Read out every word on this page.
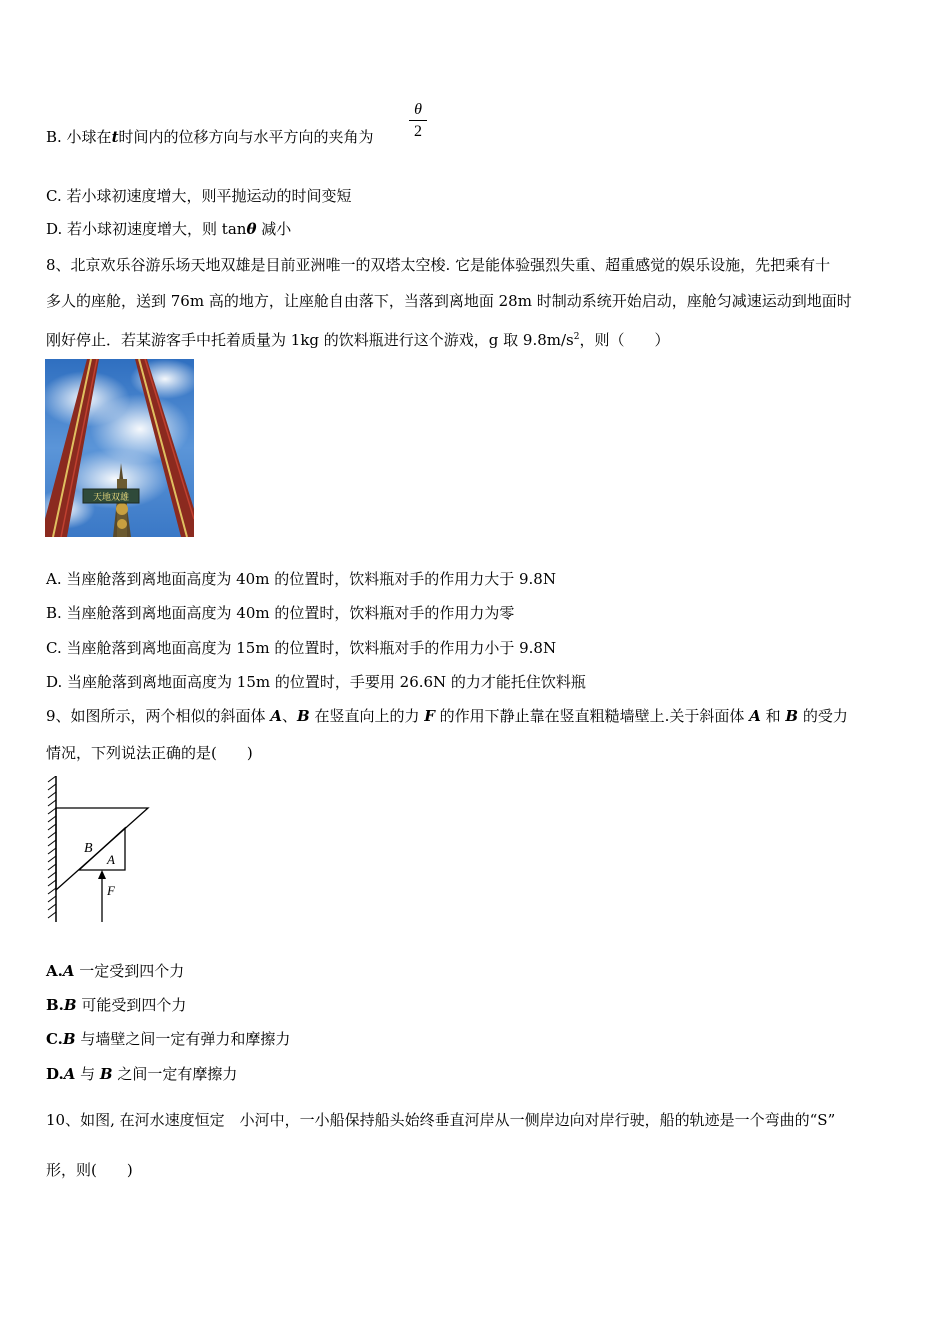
B. 小球在t时间内的位移方向与水平方向的夹角为 $\frac{\theta}{2}$
C. 若小球初速度增大，则平抛运动的时间变短
D. 若小球初速度增大，则 tanθ 减小
8、北京欢乐谷游乐场天地双雄是目前亚洲唯一的双塔太空梭. 它是能体验强烈失重、超重感觉的娱乐设施，先把乘有十
多人的座舱，送到 76m 高的地方，让座舱自由落下，当落到离地面 28m 时制动系统开始启动，座舱匀减速运动到地面时
刚好停止．若某游客手中托着质量为 1kg 的饮料瓶进行这个游戏，g 取 $9.8m/s^2$，则（　　）
天地双雄
A. 当座舱落到离地面高度为 40m 的位置时，饮料瓶对手的作用力大于 9.8N
B. 当座舱落到离地面高度为 40m 的位置时，饮料瓶对手的作用力为零
C. 当座舱落到离地面高度为 15m 的位置时，饮料瓶对手的作用力小于 9.8N
D. 当座舱落到离地面高度为 15m 的位置时，手要用 26.6N 的力才能托住饮料瓶
9、如图所示，两个相似的斜面体 A、B 在竖直向上的力 F 的作用下静止靠在竖直粗糙墙壁上.关于斜面体 A 和 B 的受力
情况，下列说法正确的是(　　)
B
A
F
A.A 一定受到四个力
B.B 可能受到四个力
C.B 与墙壁之间一定有弹力和摩擦力
D.A 与 B 之间一定有摩擦力
10、如图, 在河水速度恒定　小河中，一小船保持船头始终垂直河岸从一侧岸边向对岸行驶，船的轨迹是一个弯曲的“S”
形，则(　　)
